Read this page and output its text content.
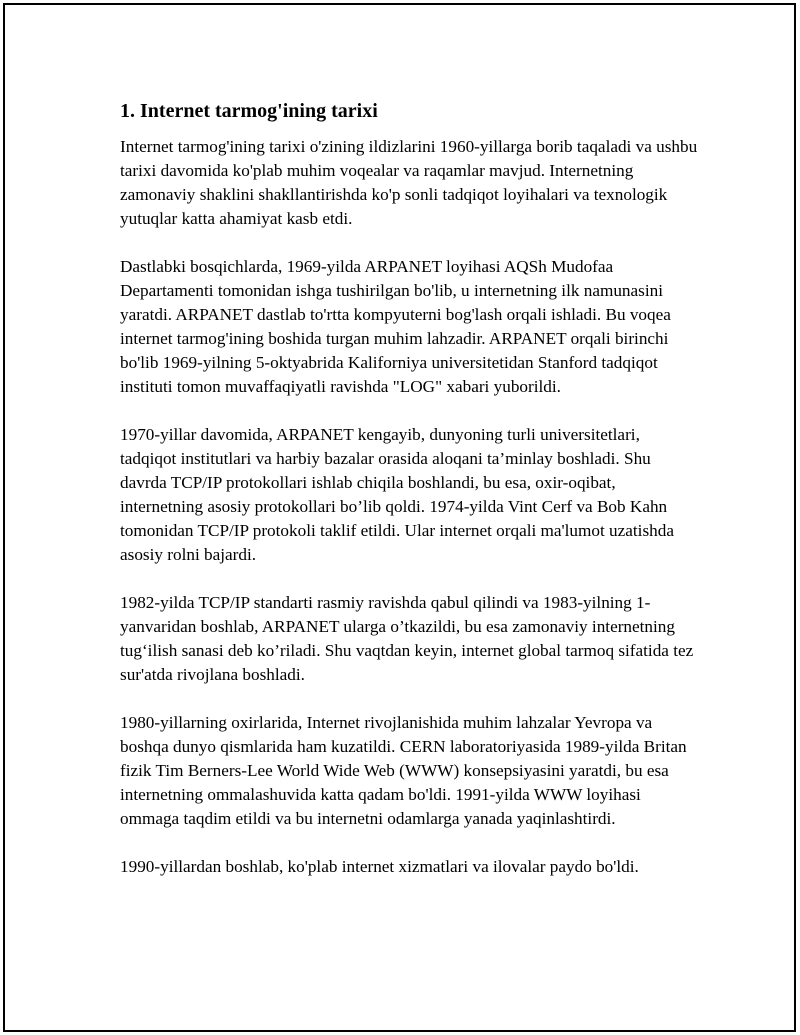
1. Internet tarmog'ining tarixi

Internet tarmog'ining tarixi o'zining ildizlarini 1960-yillarga borib taqaladi va ushbu tarixi davomida ko'plab muhim voqealar va raqamlar mavjud. Internetning zamonaviy shaklini shakllantirishda ko'p sonli tadqiqot loyihalari va texnologik yutuqlar katta ahamiyat kasb etdi.

Dastlabki bosqichlarda, 1969-yilda ARPANET loyihasi AQSh Mudofaa Departamenti tomonidan ishga tushirilgan bo'lib, u internetning ilk namunasini yaratdi. ARPANET dastlab to'rtta kompyuterni bog'lash orqali ishladi. Bu voqea internet tarmog'ining boshida turgan muhim lahzadir. ARPANET orqali birinchi bo'lib 1969-yilning 5-oktyabrida Kaliforniya universitetidan Stanford tadqiqot instituti tomon muvaffaqiyatli ravishda "LOG" xabari yuborildi.

1970-yillar davomida, ARPANET kengayib, dunyoning turli universitetlari, tadqiqot institutlari va harbiy bazalar orasida aloqani ta’minlay boshladi. Shu davrda TCP/IP protokollari ishlab chiqila boshlandi, bu esa, oxir-oqibat, internetning asosiy protokollari bo’lib qoldi. 1974-yilda Vint Cerf va Bob Kahn tomonidan TCP/IP protokoli taklif etildi. Ular internet orqali ma'lumot uzatishda asosiy rolni bajardi.

1982-yilda TCP/IP standarti rasmiy ravishda qabul qilindi va 1983-yilning 1-yanvaridan boshlab, ARPANET ularga o’tkazildi, bu esa zamonaviy internetning tug‘ilish sanasi deb ko’riladi. Shu vaqtdan keyin, internet global tarmoq sifatida tez sur'atda rivojlana boshladi.

1980-yillarning oxirlarida, Internet rivojlanishida muhim lahzalar Yevropa va boshqa dunyo qismlarida ham kuzatildi. CERN laboratoriyasida 1989-yilda Britan fizik Tim Berners-Lee World Wide Web (WWW) konsepsiyasini yaratdi, bu esa internetning ommalashuvida katta qadam bo'ldi. 1991-yilda WWW loyihasi ommaga taqdim etildi va bu internetni odamlarga yanada yaqinlashtirdi.

1990-yillardan boshlab, ko'plab internet xizmatlari va ilovalar paydo bo'ldi.
